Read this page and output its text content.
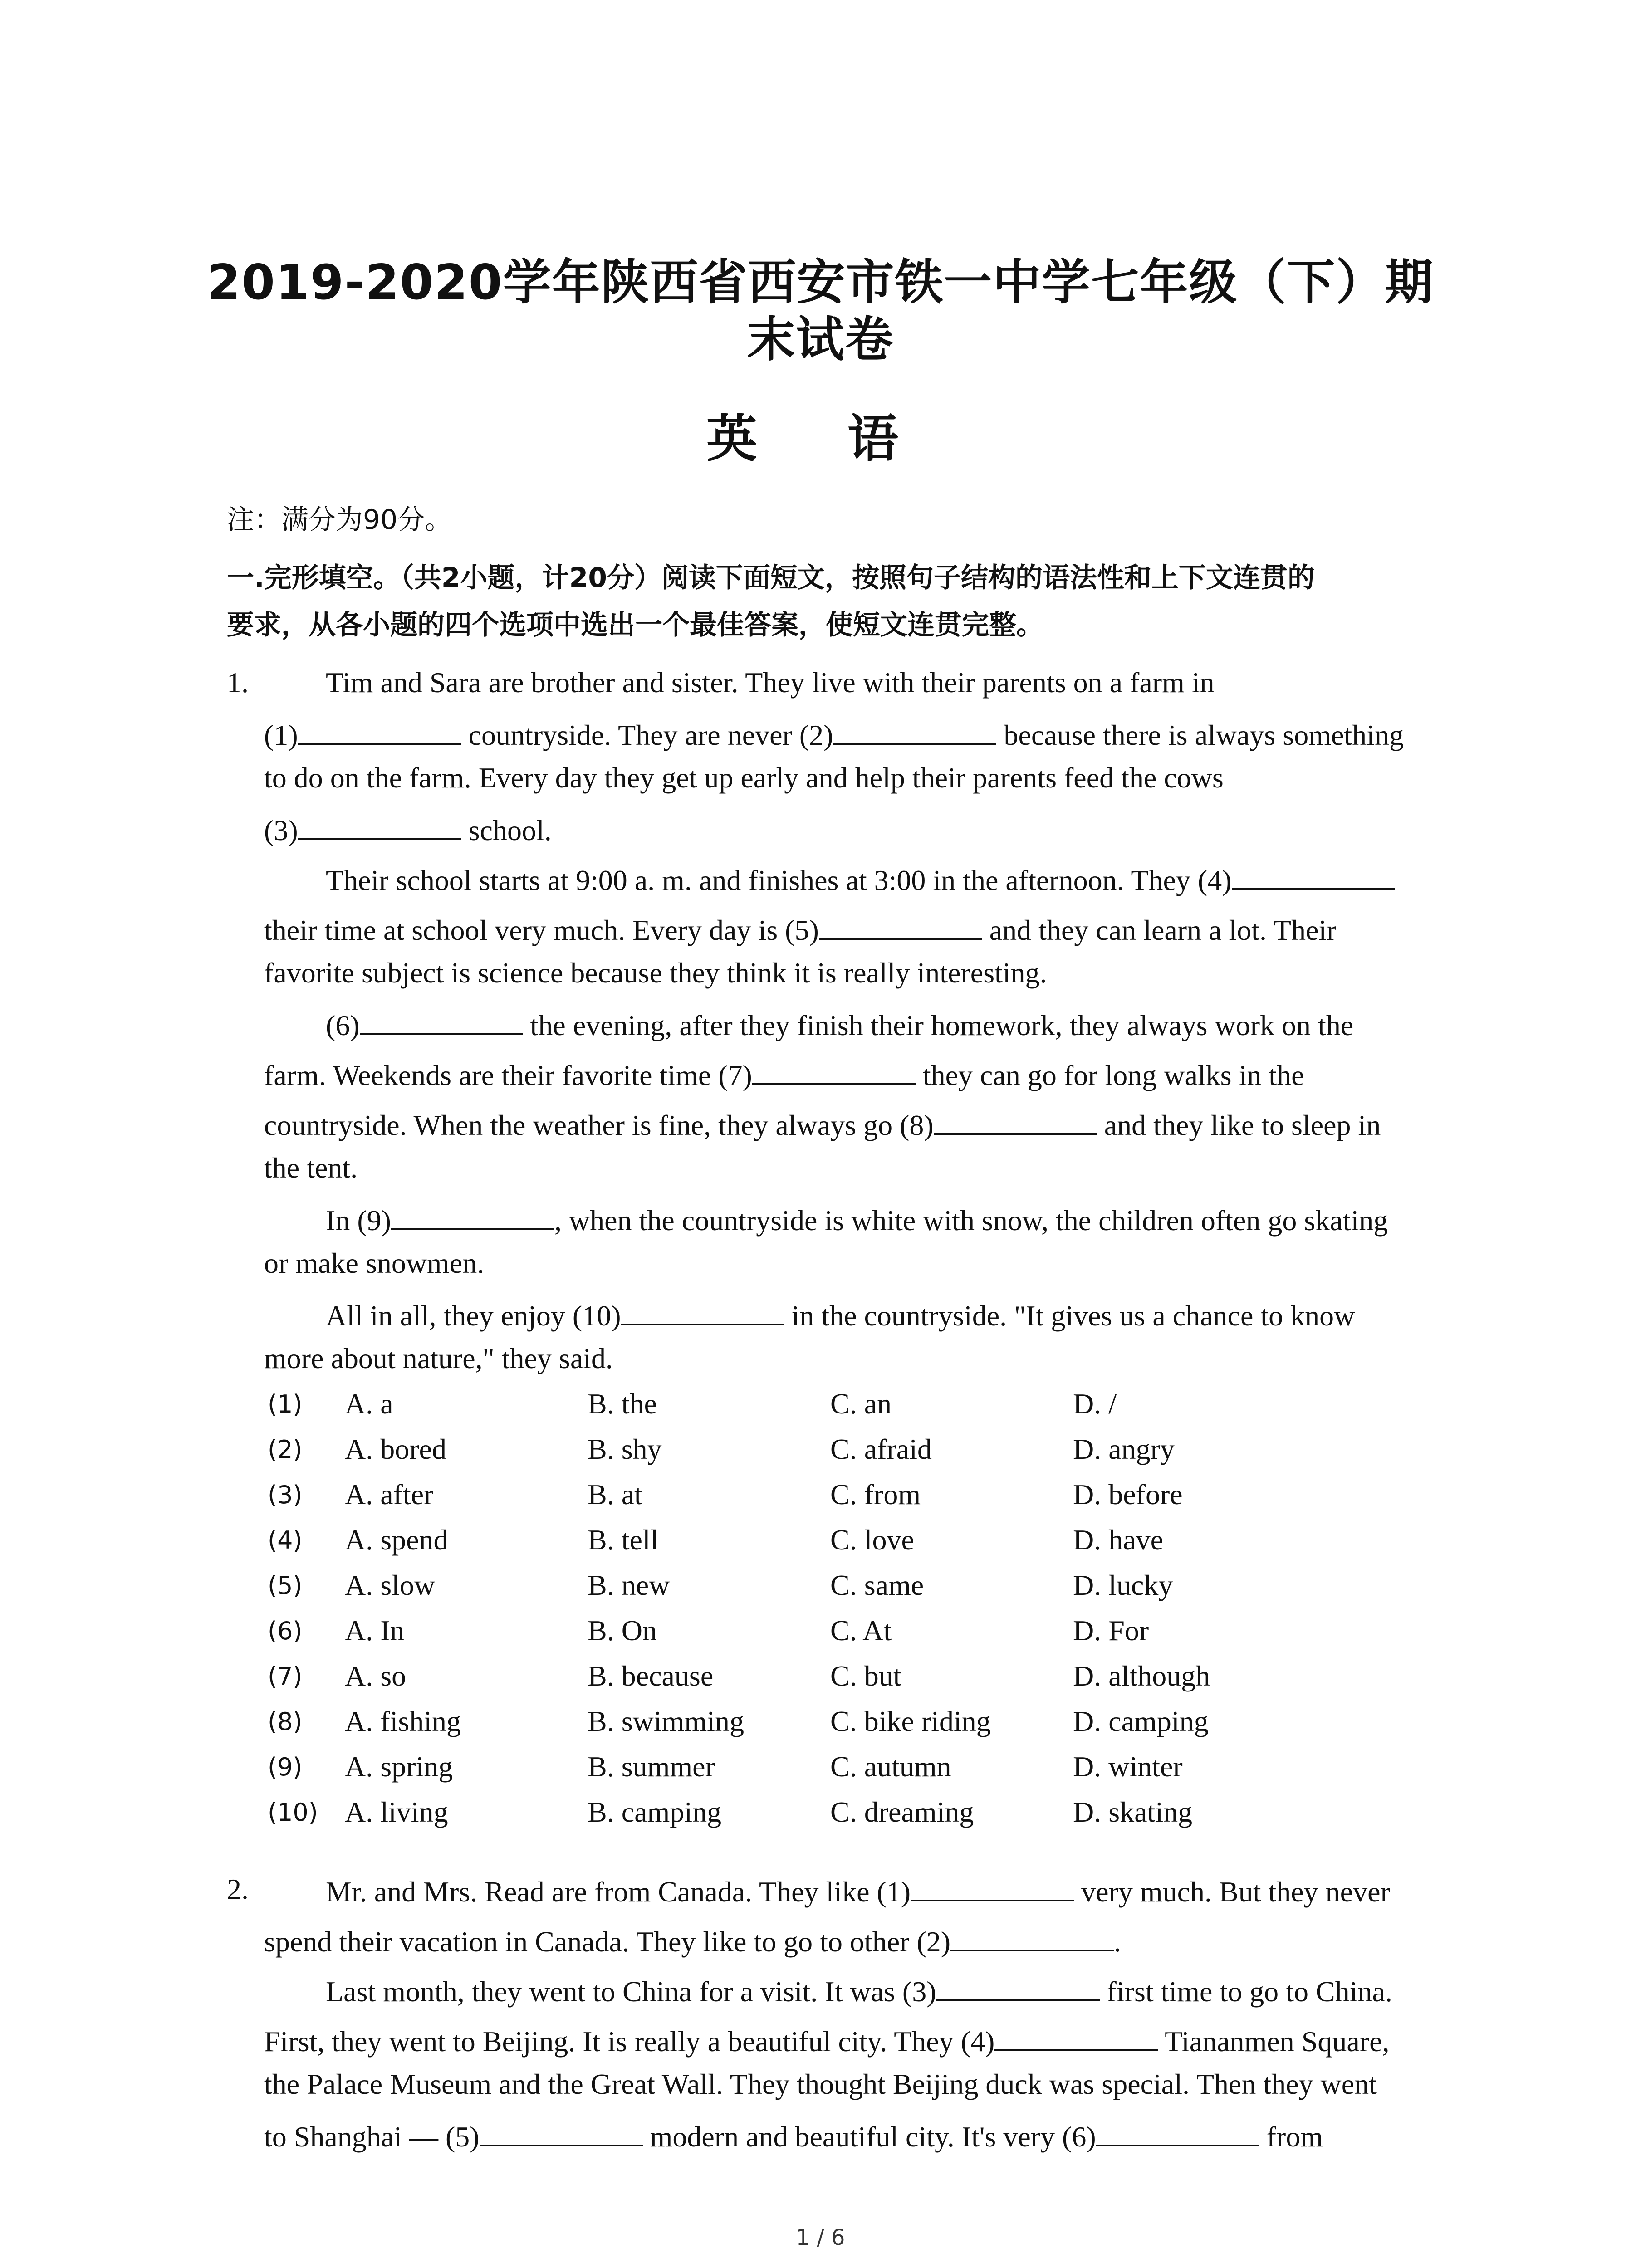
2019-2020学年陕西省西安市铁一中学七年级（下）期
末试卷
英 语
注：满分为90分。
一.完形填空。（共2小题，计20分）阅读下面短文，按照句子结构的语法性和上下文连贯的
要求，从各小题的四个选项中选出一个最佳答案，使短文连贯完整。
1.	Tim and Sara are brother and sister. They live with their parents on a farm in
(1)	countryside. They are never (2)	because there is always something
to do on the farm. Every day they get up early and help their parents feed the cows
(3)	school.
Their school starts at 9:00 a. m. and finishes at 3:00 in the afternoon. They (4)
their time at school very much. Every day is (5)	and they can learn a lot. Their
favorite subject is science because they think it is really interesting.
(6)	the evening, after they finish their homework, they always work on the
farm. Weekends are their favorite time (7)	they can go for long walks in the
countryside. When the weather is fine, they always go (8)	and they like to sleep in
the tent.
In (9)	, when the countryside is white with snow, the children often go skating
or make snowmen.
All in all, they enjoy (10)	in the countryside. "It gives us a chance to know
more about nature," they said.
(1) A. a	B. the	C. an	D. /
(2) A. bored	B. shy	C. afraid	D. angry
(3) A. after	B. at	C. from	D. before
(4) A. spend	B. tell	C. love	D. have
(5) A. slow	B. new	C. same	D. lucky
(6) A. In	B. On	C. At	D. For
(7) A. so	B. because	C. but	D. although
(8) A. fishing	B. swimming	C. bike riding	D. camping
(9) A. spring	B. summer	C. autumn	D. winter
(10) A. living	B. camping	C. dreaming	D. skating
2.	Mr. and Mrs. Read are from Canada. They like (1)	very much. But they never
spend their vacation in Canada. They like to go to other (2)	.
Last month, they went to China for a visit. It was (3)	first time to go to China.
First, they went to Beijing. It is really a beautiful city. They (4)	Tiananmen Square,
the Palace Museum and the Great Wall. They thought Beijing duck was special. Then they went
to Shanghai — (5)	modern and beautiful city. It's very (6)	from
1 / 6
